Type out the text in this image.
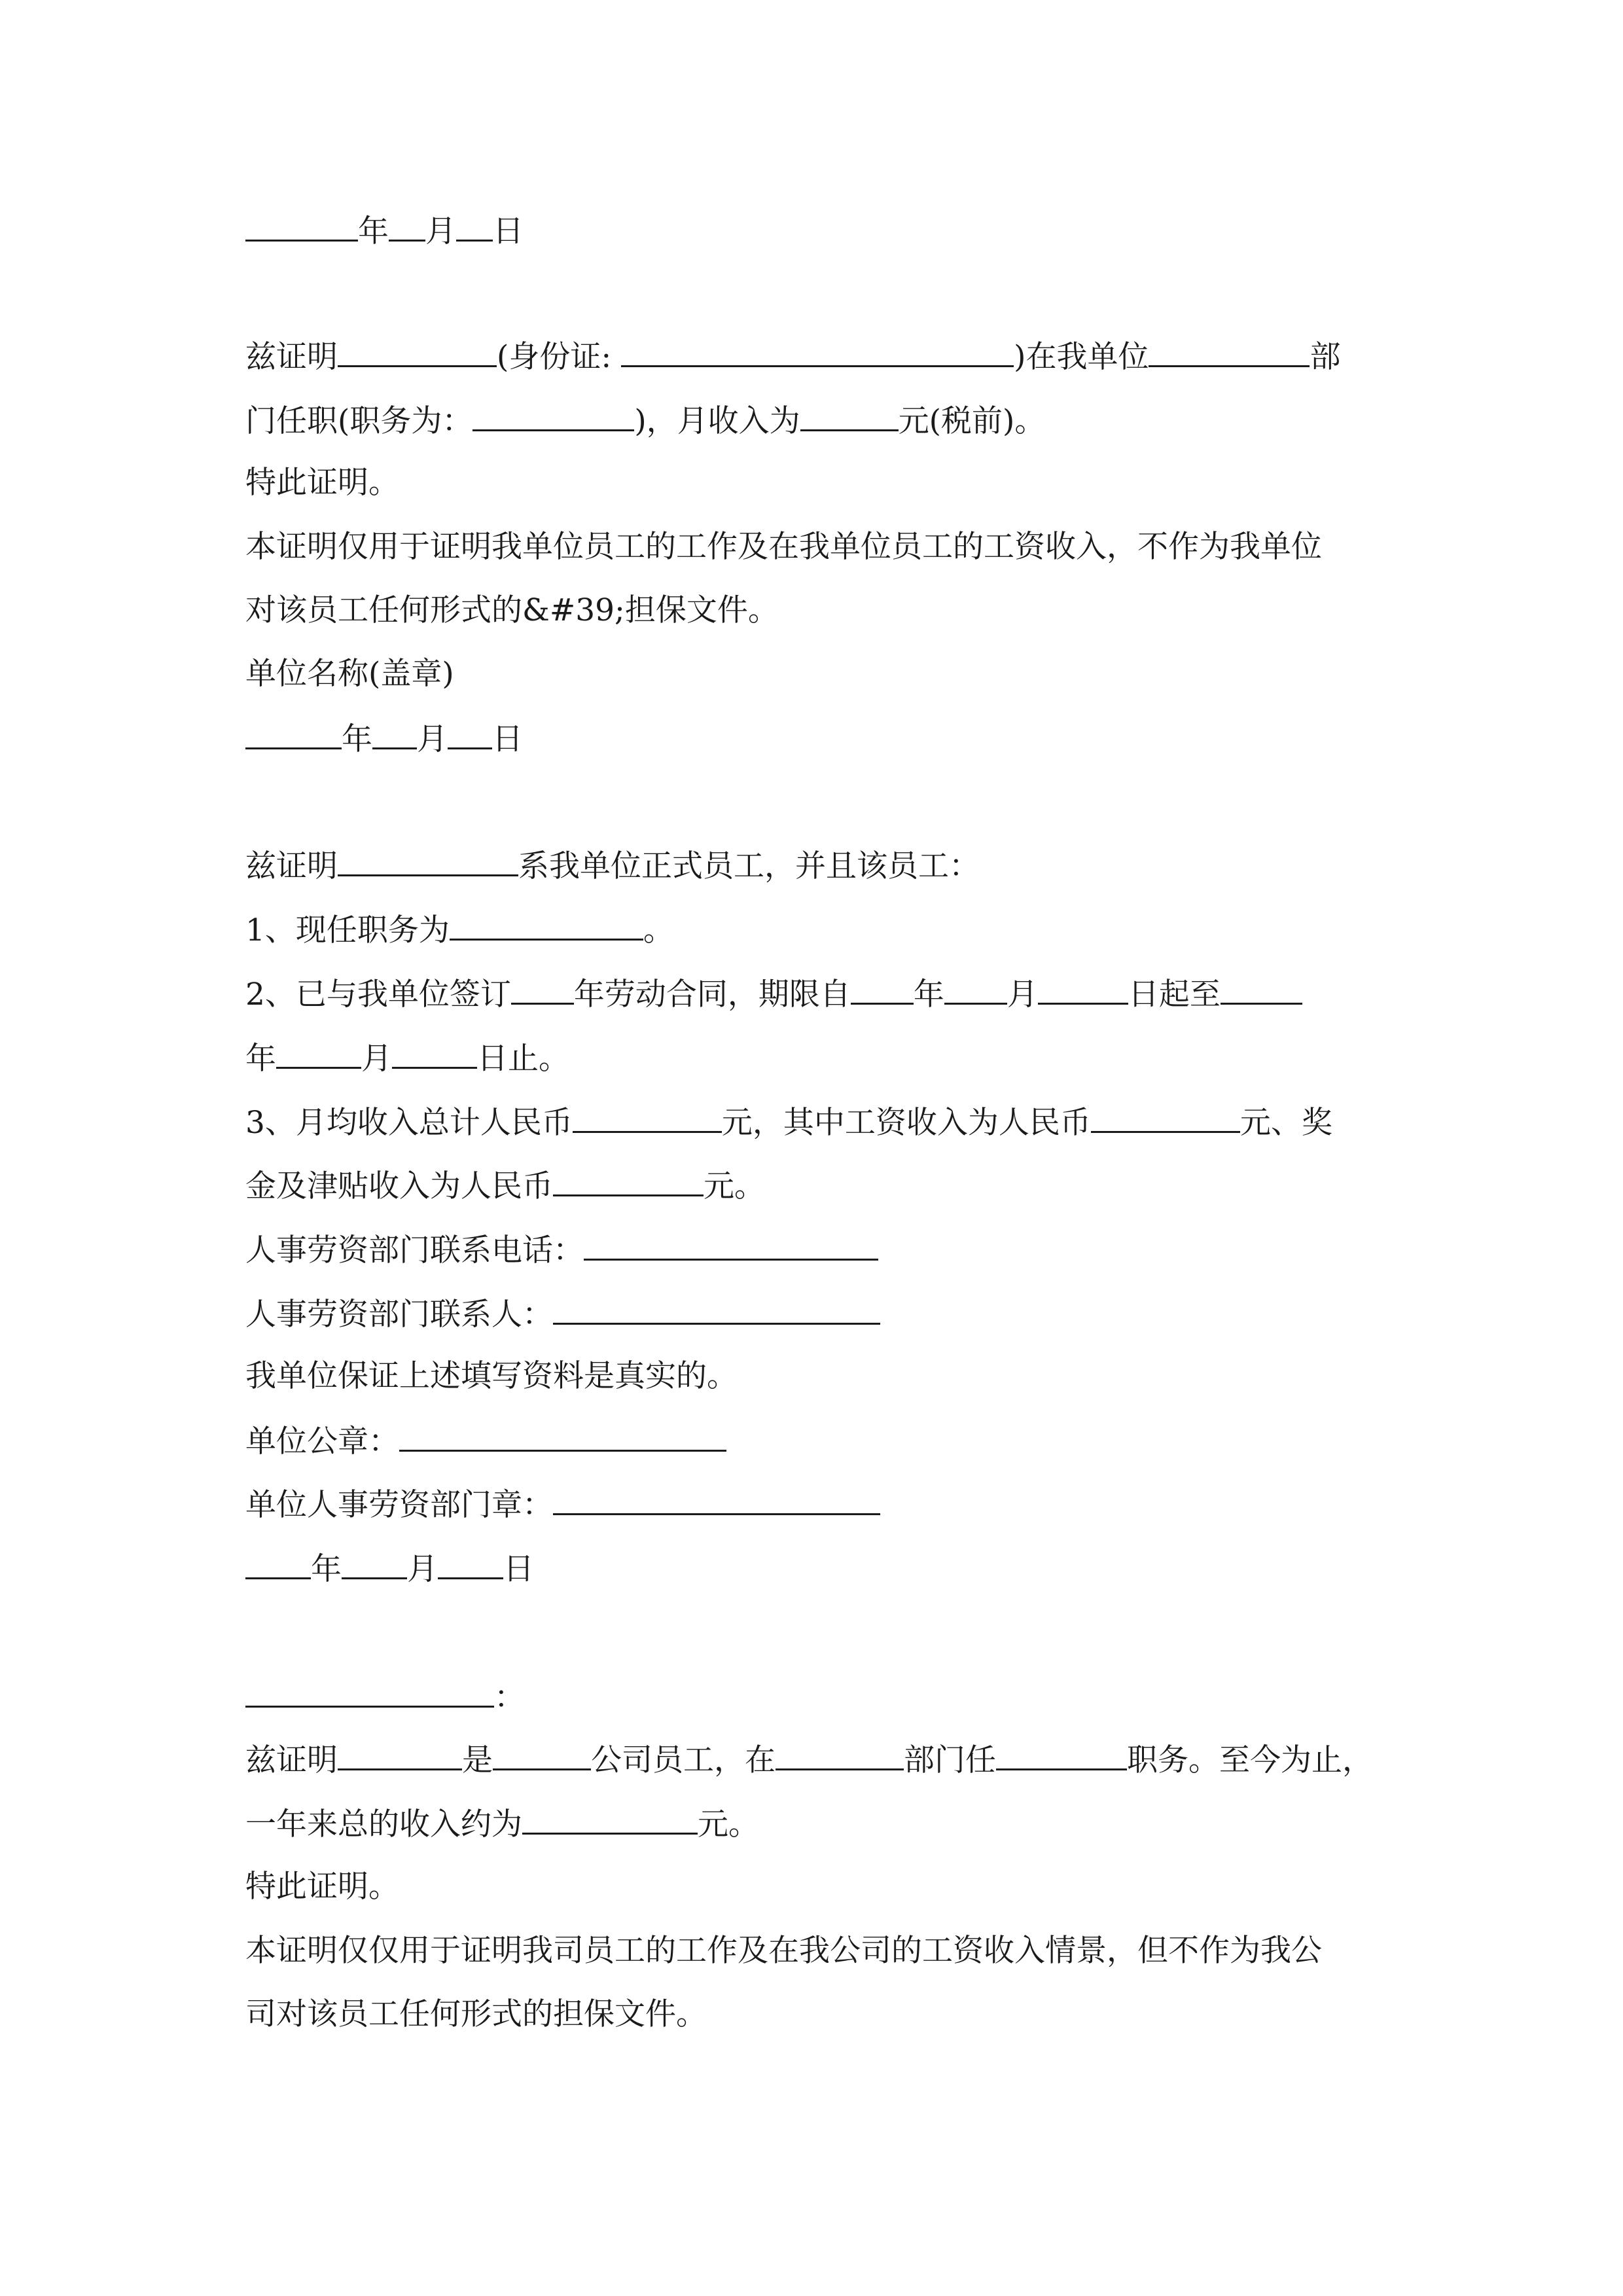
年 月 日
兹证明	(身份证:	)在我单位	部
门任职(职务为：	)，月收入为	元(税前)。
特此证明。
本证明仅用于证明我单位员工的工作及在我单位员工的工资收入，不作为我单位
对该员工任何形式的&#39;担保文件。
单位名称(盖章)
年 月 日
兹证明	系我单位正式员工，并且该员工：
1、现任职务为	。
2、已与我单位签订 年劳动合同，期限自 年 月	日起至
年	月	日止。
3、月均收入总计人民币	元，其中工资收入为人民币	元、奖
金及津贴收入为人民币	元。
人事劳资部门联系电话：
人事劳资部门联系人：
我单位保证上述填写资料是真实的。
单位公章：
单位人事劳资部门章：
年 月 日
：
兹证明	是	公司员工，在	部门任	职务。至今为止，
一年来总的收入约为	元。
特此证明。
本证明仅仅用于证明我司员工的工作及在我公司的工资收入情景，但不作为我公
司对该员工任何形式的担保文件。
